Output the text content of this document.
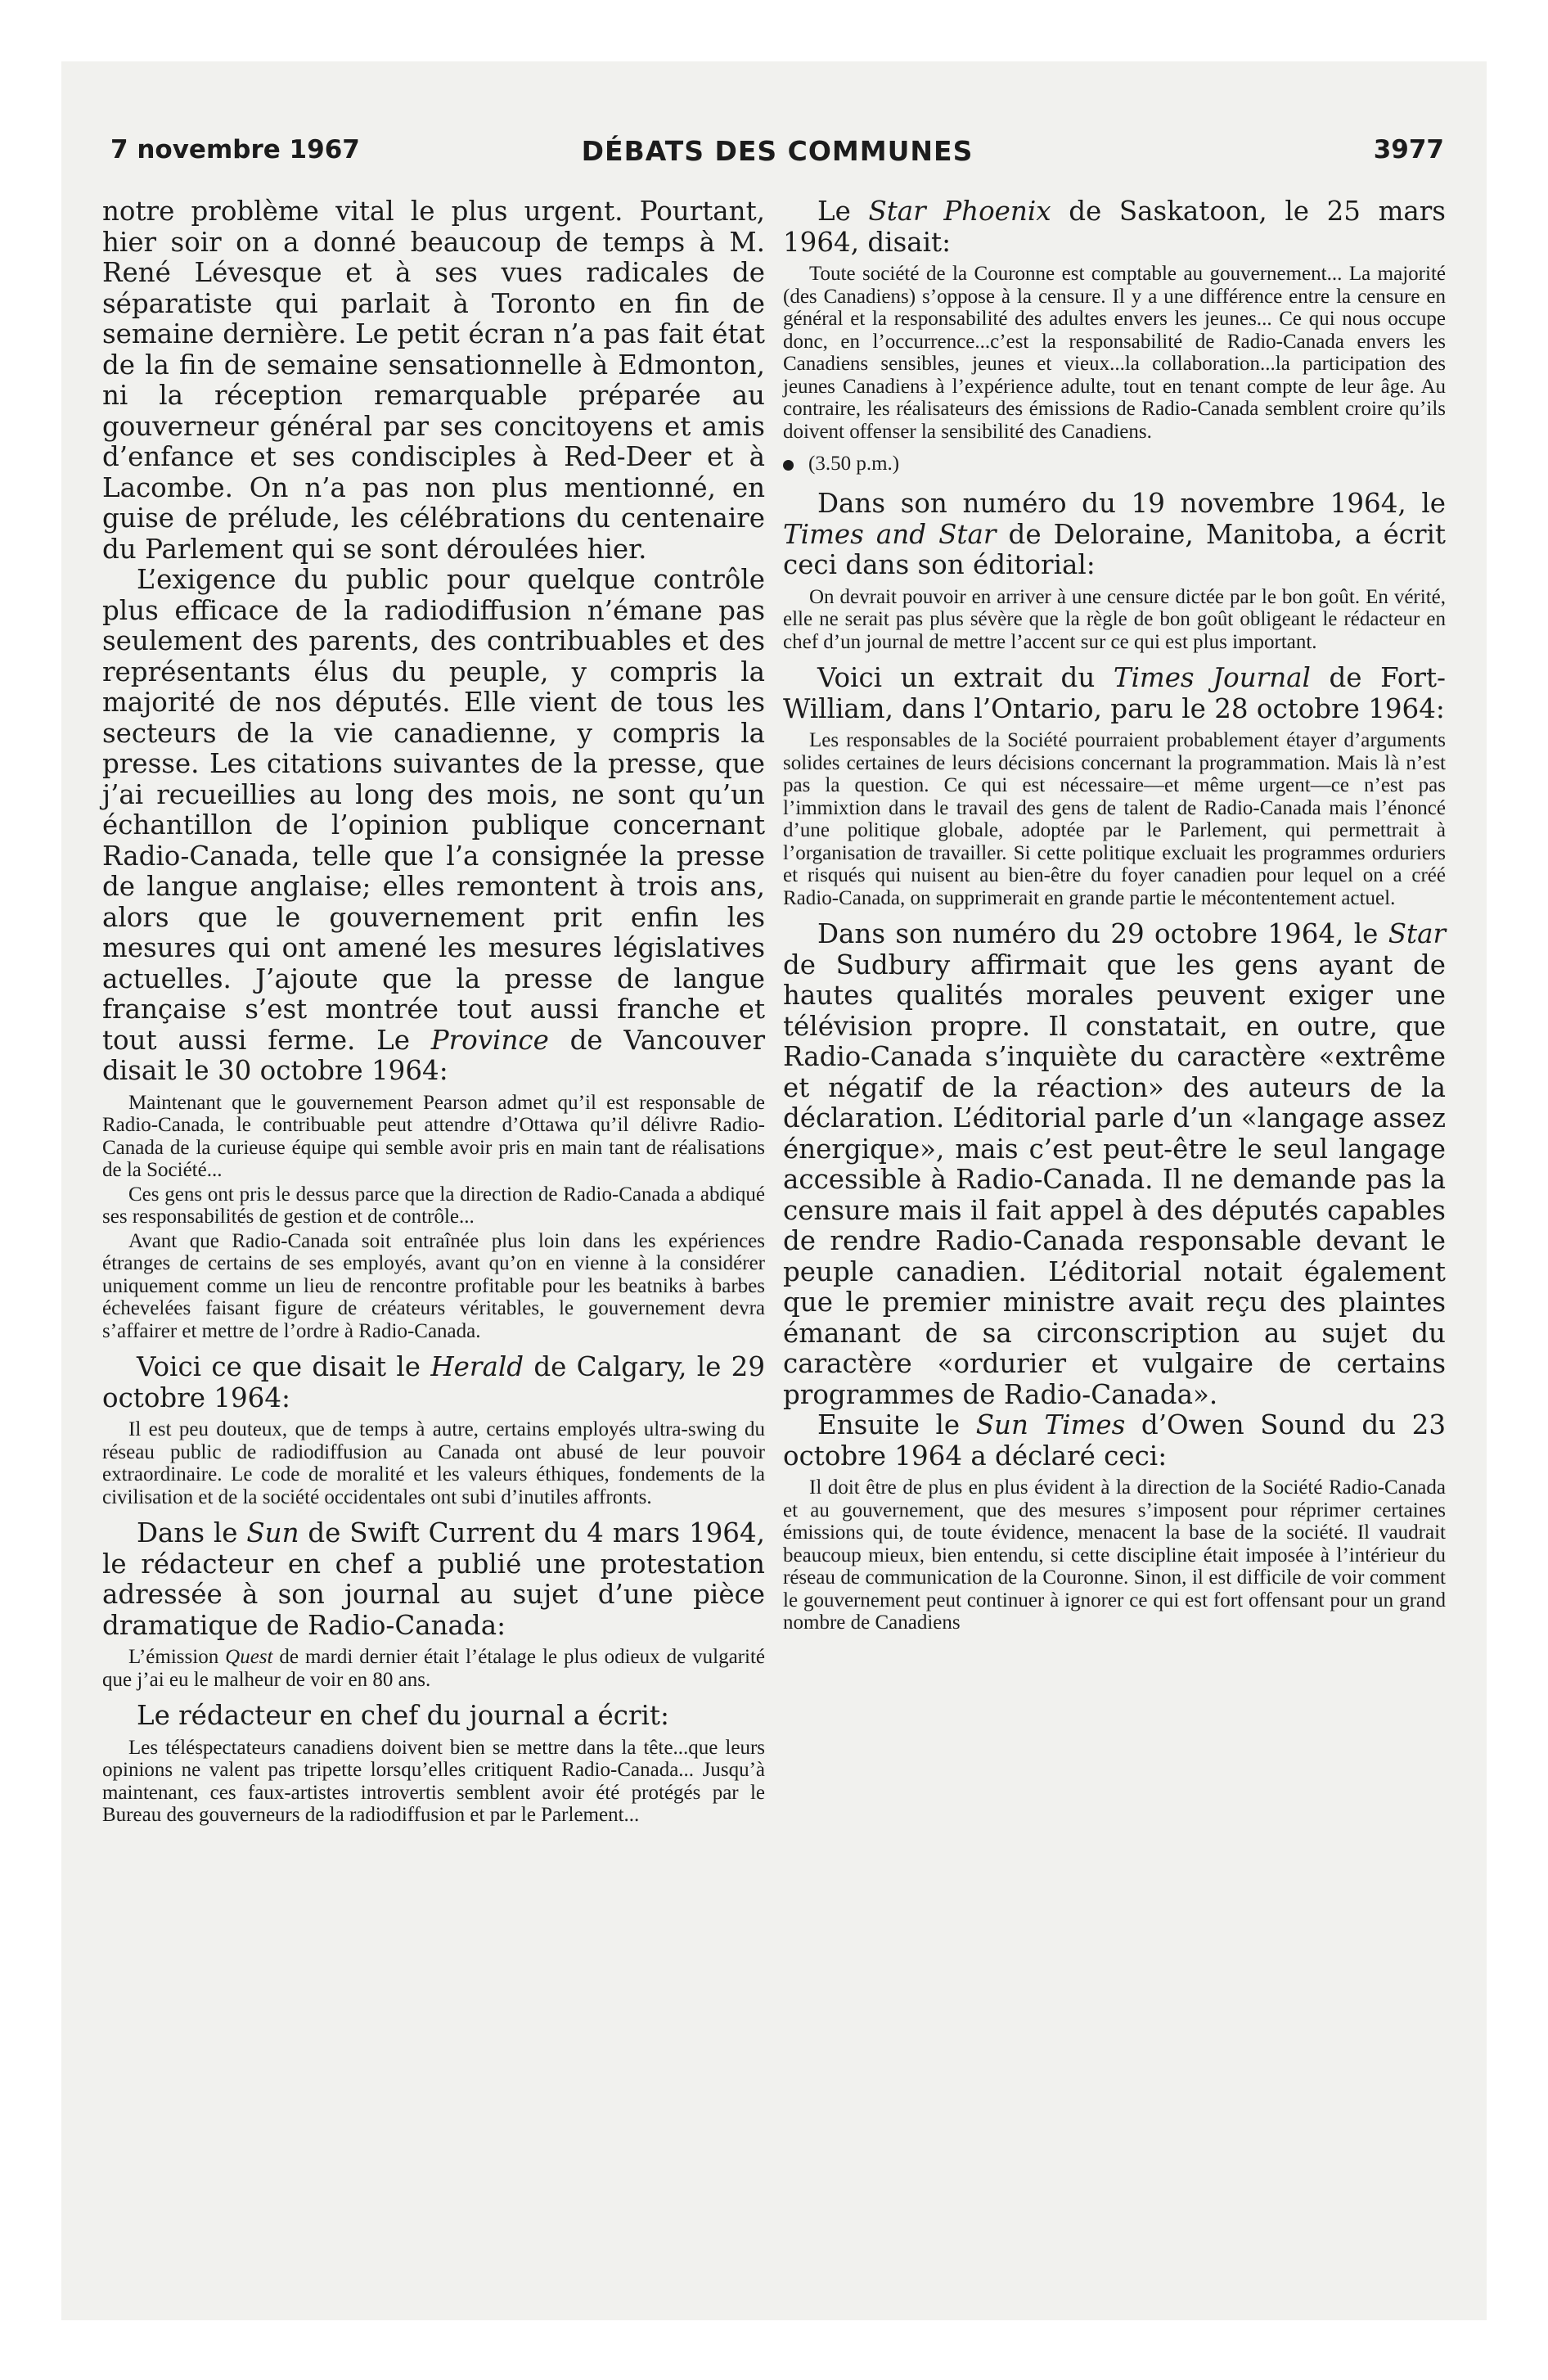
7 novembre 1967	DÉBATS DES COMMUNES	3977

notre problème vital le plus urgent. Pourtant, hier soir on a donné beaucoup de temps à M. René Lévesque et à ses vues radicales de séparatiste qui parlait à Toronto en fin de semaine dernière. Le petit écran n’a pas fait état de la fin de semaine sensationnelle à Edmonton, ni la réception remarquable préparée au gouverneur général par ses concitoyens et amis d’enfance et ses condisciples à Red-Deer et à Lacombe. On n’a pas non plus mentionné, en guise de prélude, les célébrations du centenaire du Parlement qui se sont déroulées hier.

L’exigence du public pour quelque contrôle plus efficace de la radiodiffusion n’émane pas seulement des parents, des contribuables et des représentants élus du peuple, y compris la majorité de nos députés. Elle vient de tous les secteurs de la vie canadienne, y compris la presse. Les citations suivantes de la presse, que j’ai recueillies au long des mois, ne sont qu’un échantillon de l’opinion publique concernant Radio-Canada, telle que l’a consignée la presse de langue anglaise; elles remontent à trois ans, alors que le gouvernement prit enfin les mesures qui ont amené les mesures législatives actuelles. J’ajoute que la presse de langue française s’est montrée tout aussi franche et tout aussi ferme. Le Province de Vancouver disait le 30 octobre 1964:

Maintenant que le gouvernement Pearson admet qu’il est responsable de Radio-Canada, le contribuable peut attendre d’Ottawa qu’il délivre Radio-Canada de la curieuse équipe qui semble avoir pris en main tant de réalisations de la Société...

Ces gens ont pris le dessus parce que la direction de Radio-Canada a abdiqué ses responsabilités de gestion et de contrôle...

Avant que Radio-Canada soit entraînée plus loin dans les expériences étranges de certains de ses employés, avant qu’on en vienne à la considérer uniquement comme un lieu de rencontre profitable pour les beatniks à barbes échevelées faisant figure de créateurs véritables, le gouvernement devra s’affairer et mettre de l’ordre à Radio-Canada.

Voici ce que disait le Herald de Calgary, le 29 octobre 1964:

Il est peu douteux, que de temps à autre, certains employés ultra-swing du réseau public de radiodiffusion au Canada ont abusé de leur pouvoir extraordinaire. Le code de moralité et les valeurs éthiques, fondements de la civilisation et de la société occidentales ont subi d’inutiles affronts.

Dans le Sun de Swift Current du 4 mars 1964, le rédacteur en chef a publié une protestation adressée à son journal au sujet d’une pièce dramatique de Radio-Canada:

L’émission Quest de mardi dernier était l’étalage le plus odieux de vulgarité que j’ai eu le malheur de voir en 80 ans.

Le rédacteur en chef du journal a écrit:

Les téléspectateurs canadiens doivent bien se mettre dans la tête...que leurs opinions ne valent pas tripette lorsqu’elles critiquent Radio-Canada... Jusqu’à maintenant, ces faux-artistes introvertis semblent avoir été protégés par le Bureau des gouverneurs de la radiodiffusion et par le Parlement...

Le Star Phoenix de Saskatoon, le 25 mars 1964, disait:

Toute société de la Couronne est comptable au gouvernement... La majorité (des Canadiens) s’oppose à la censure. Il y a une différence entre la censure en général et la responsabilité des adultes envers les jeunes... Ce qui nous occupe donc, en l’occurrence...c’est la responsabilité de Radio-Canada envers les Canadiens sensibles, jeunes et vieux...la collaboration...la participation des jeunes Canadiens à l’expérience adulte, tout en tenant compte de leur âge. Au contraire, les réalisateurs des émissions de Radio-Canada semblent croire qu’ils doivent offenser la sensibilité des Canadiens.

(3.50 p.m.)

Dans son numéro du 19 novembre 1964, le Times and Star de Deloraine, Manitoba, a écrit ceci dans son éditorial:

On devrait pouvoir en arriver à une censure dictée par le bon goût. En vérité, elle ne serait pas plus sévère que la règle de bon goût obligeant le rédacteur en chef d’un journal de mettre l’accent sur ce qui est plus important.

Voici un extrait du Times Journal de Fort-William, dans l’Ontario, paru le 28 octobre 1964:

Les responsables de la Société pourraient probablement étayer d’arguments solides certaines de leurs décisions concernant la programmation. Mais là n’est pas la question. Ce qui est nécessaire—et même urgent—ce n’est pas l’immixtion dans le travail des gens de talent de Radio-Canada mais l’énoncé d’une politique globale, adoptée par le Parlement, qui permettrait à l’organisation de travailler. Si cette politique excluait les programmes orduriers et risqués qui nuisent au bien-être du foyer canadien pour lequel on a créé Radio-Canada, on supprimerait en grande partie le mécontentement actuel.

Dans son numéro du 29 octobre 1964, le Star de Sudbury affirmait que les gens ayant de hautes qualités morales peuvent exiger une télévision propre. Il constatait, en outre, que Radio-Canada s’inquiète du caractère «extrême et négatif de la réaction» des auteurs de la déclaration. L’éditorial parle d’un «langage assez énergique», mais c’est peut-être le seul langage accessible à Radio-Canada. Il ne demande pas la censure mais il fait appel à des députés capables de rendre Radio-Canada responsable devant le peuple canadien. L’éditorial notait également que le premier ministre avait reçu des plaintes émanant de sa circonscription au sujet du caractère «ordurier et vulgaire de certains programmes de Radio-Canada».

Ensuite le Sun Times d’Owen Sound du 23 octobre 1964 a déclaré ceci:

Il doit être de plus en plus évident à la direction de la Société Radio-Canada et au gouvernement, que des mesures s’imposent pour réprimer certaines émissions qui, de toute évidence, menacent la base de la société. Il vaudrait beaucoup mieux, bien entendu, si cette discipline était imposée à l’intérieur du réseau de communication de la Couronne. Sinon, il est difficile de voir comment le gouvernement peut continuer à ignorer ce qui est fort offensant pour un grand nombre de Canadiens
